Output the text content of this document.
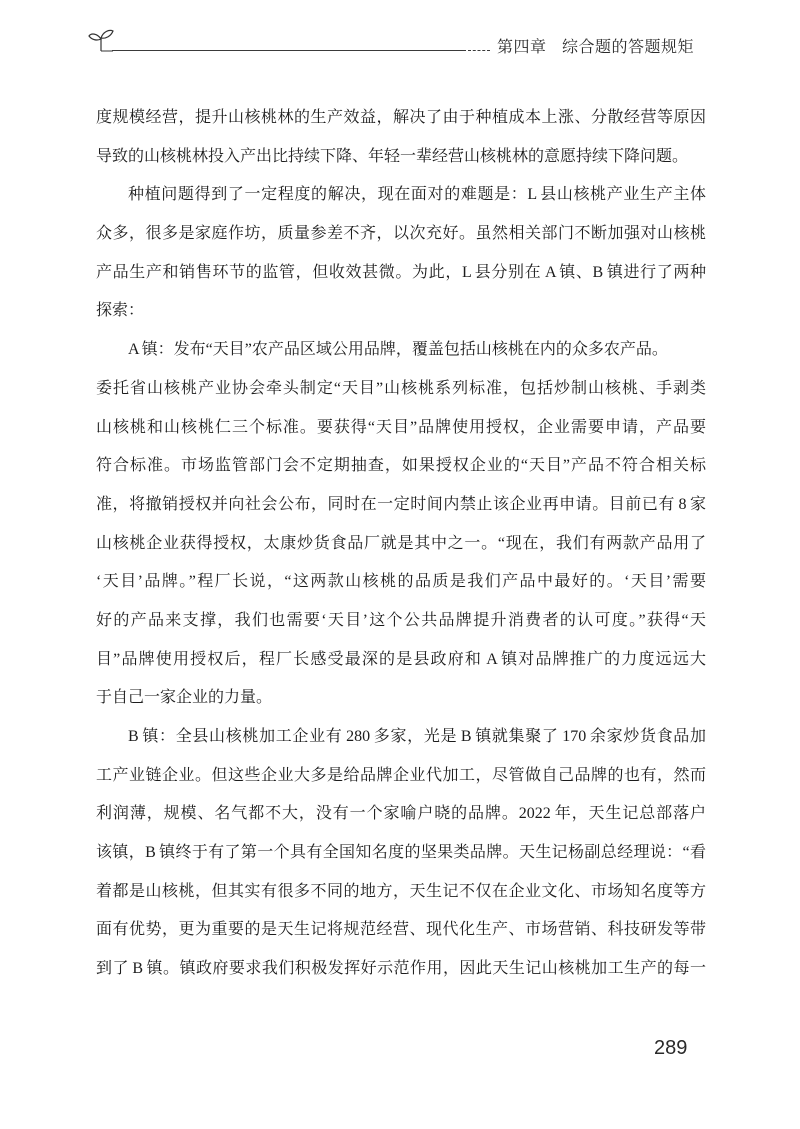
第四章 综合题的答题规矩
度规模经营，提升山核桃林的生产效益，解决了由于种植成本上涨、分散经营等原因
导致的山核桃林投入产出比持续下降、年轻一辈经营山核桃林的意愿持续下降问题。
种植问题得到了一定程度的解决，现在面对的难题是：L 县山核桃产业生产主体
众多，很多是家庭作坊，质量参差不齐，以次充好。虽然相关部门不断加强对山核桃
产品生产和销售环节的监管，但收效甚微。为此，L 县分别在 A 镇、B 镇进行了两种
探索：
A 镇：发布“天目”农产品区域公用品牌，覆盖包括山核桃在内的众多农产品。
委托省山核桃产业协会牵头制定“天目”山核桃系列标准，包括炒制山核桃、手剥类
山核桃和山核桃仁三个标准。要获得“天目”品牌使用授权，企业需要申请，产品要
符合标准。市场监管部门会不定期抽查，如果授权企业的“天目”产品不符合相关标
准，将撤销授权并向社会公布，同时在一定时间内禁止该企业再申请。目前已有 8 家
山核桃企业获得授权，太康炒货食品厂就是其中之一。“现在，我们有两款产品用了
‘天目’品牌。”程厂长说，“这两款山核桃的品质是我们产品中最好的。‘天目’需要
好的产品来支撑，我们也需要‘天目’这个公共品牌提升消费者的认可度。”获得“天
目”品牌使用授权后，程厂长感受最深的是县政府和 A 镇对品牌推广的力度远远大
于自己一家企业的力量。
B 镇：全县山核桃加工企业有 280 多家，光是 B 镇就集聚了 170 余家炒货食品加
工产业链企业。但这些企业大多是给品牌企业代加工，尽管做自己品牌的也有，然而
利润薄，规模、名气都不大，没有一个家喻户晓的品牌。2022 年，天生记总部落户
该镇，B 镇终于有了第一个具有全国知名度的坚果类品牌。天生记杨副总经理说：“看
着都是山核桃，但其实有很多不同的地方，天生记不仅在企业文化、市场知名度等方
面有优势，更为重要的是天生记将规范经营、现代化生产、市场营销、科技研发等带
到了 B 镇。镇政府要求我们积极发挥好示范作用，因此天生记山核桃加工生产的每一
289
